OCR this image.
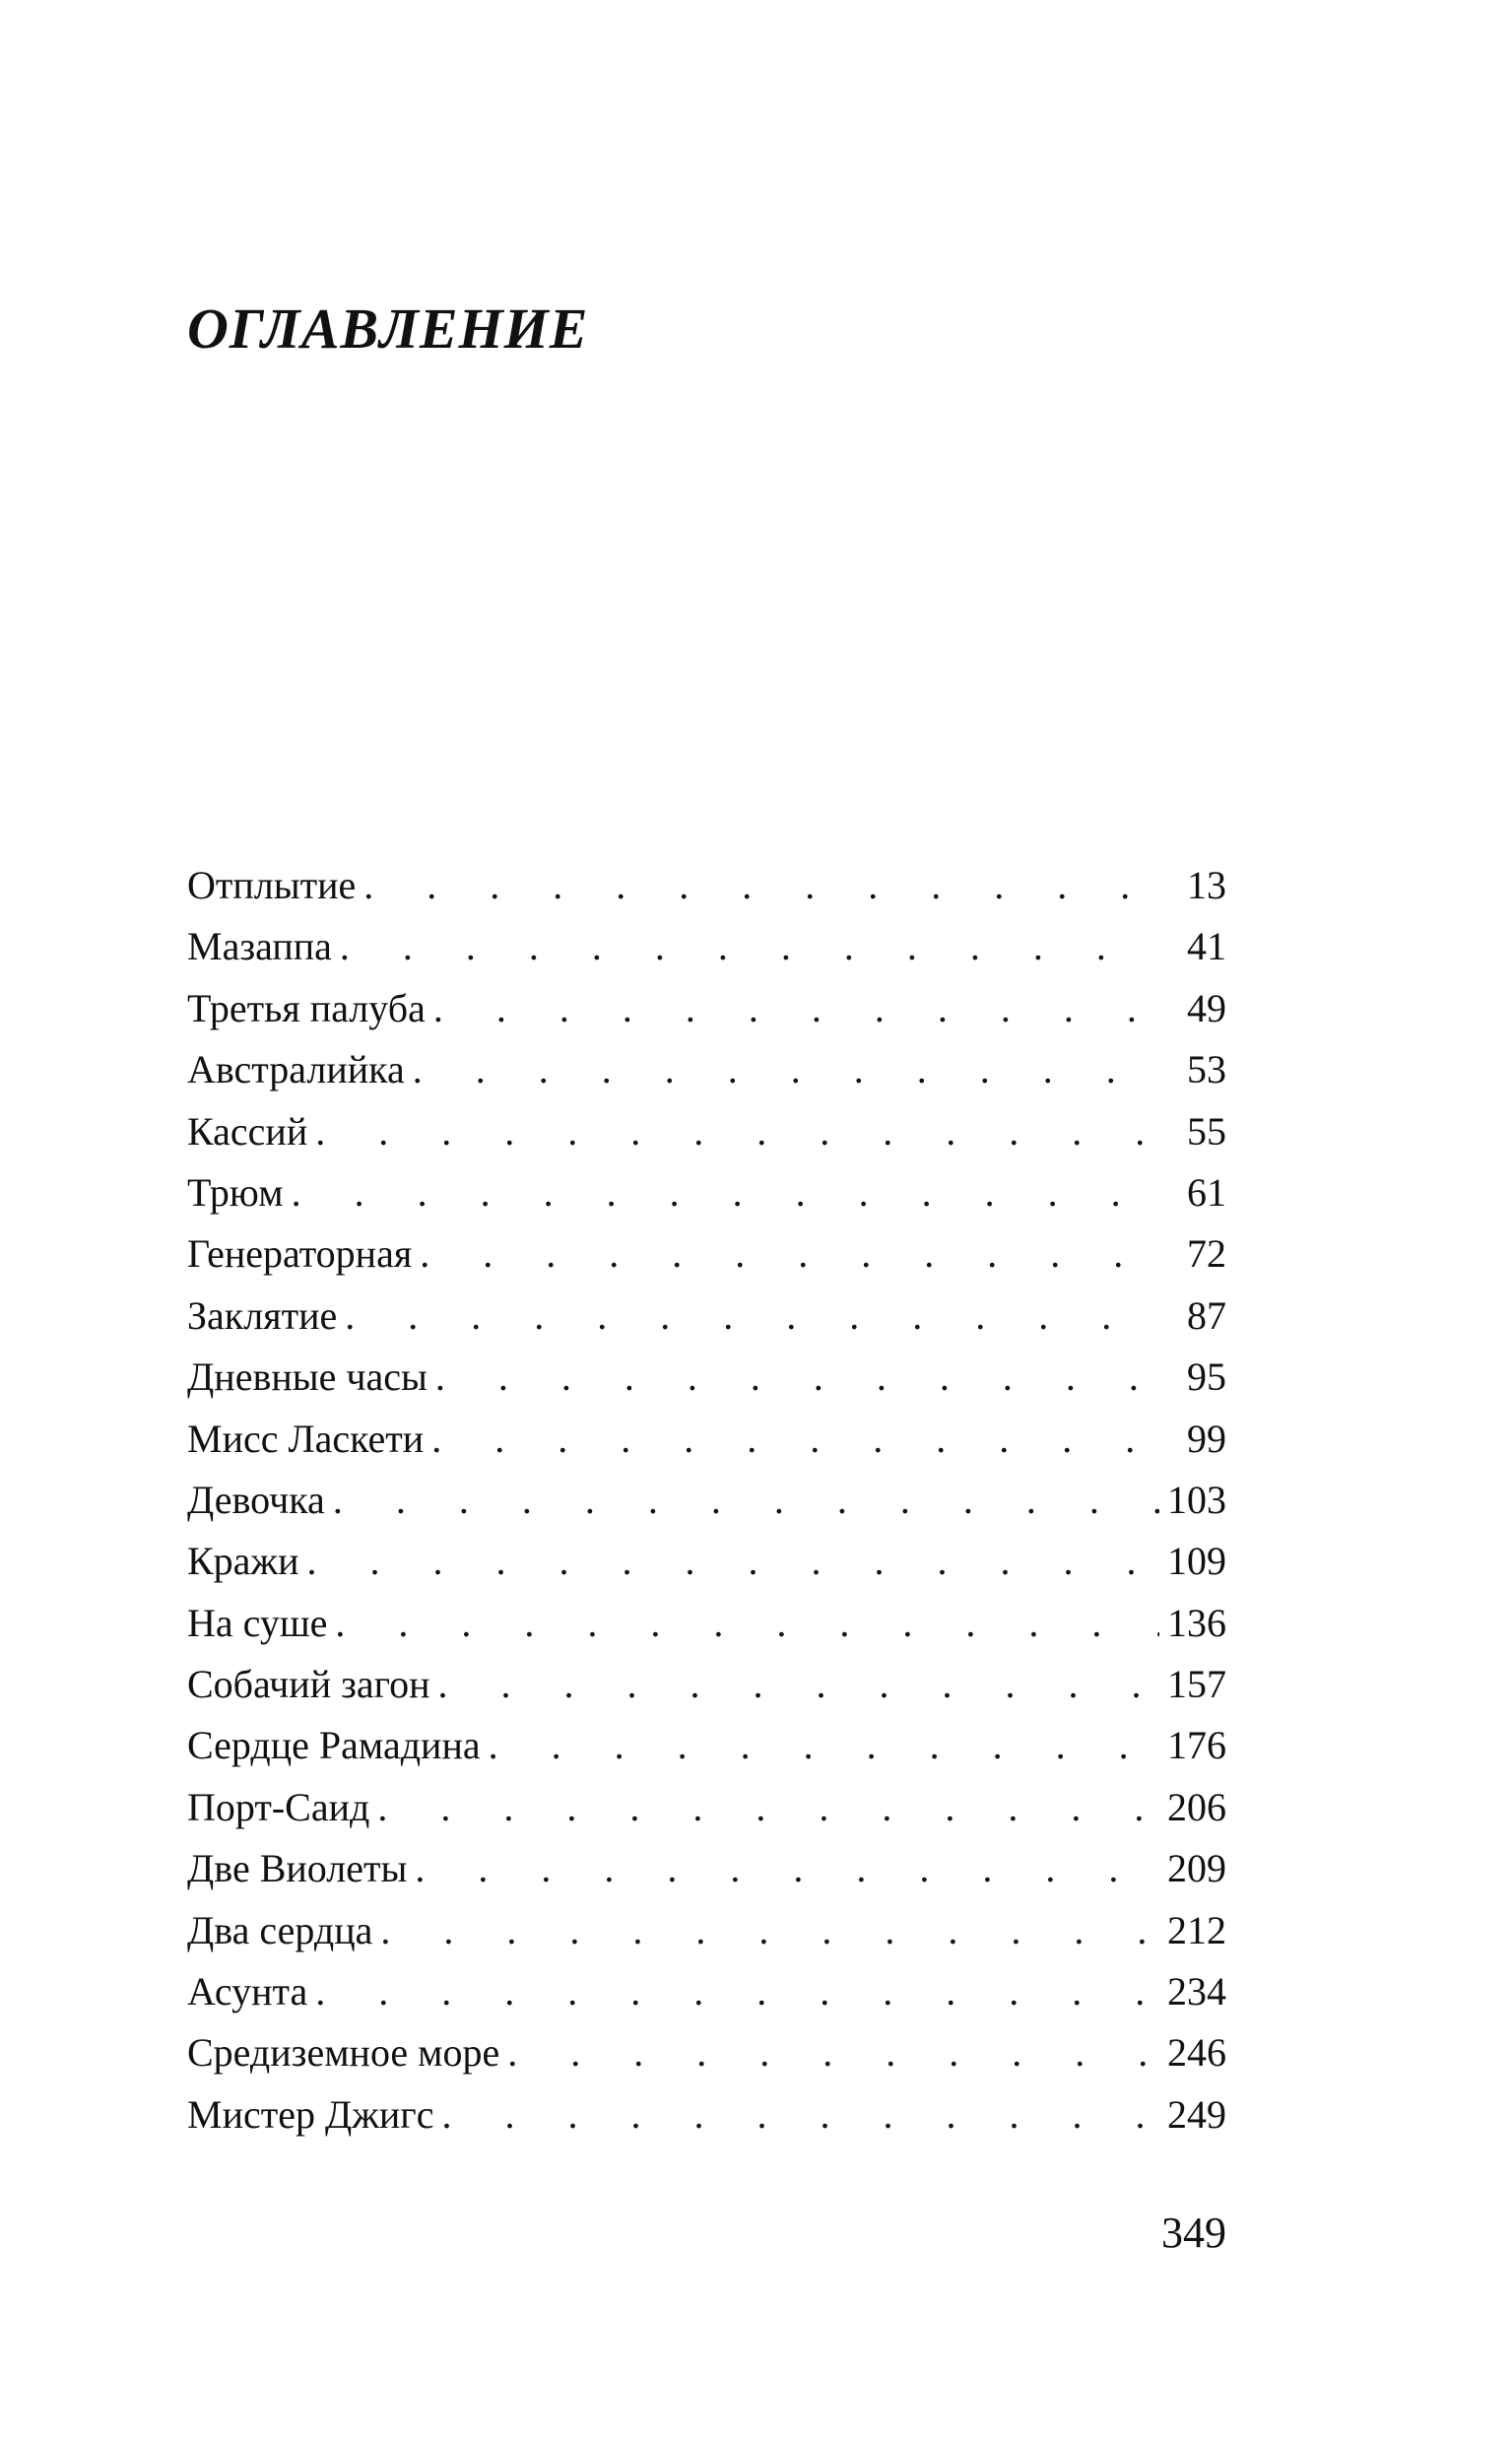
ОГЛАВЛЕНИЕ
Отплытие . . .	13
Мазаппа . . .	41
Третья палуба . . .	49
Австралийка . . .	53
Кассий . . .	55
Трюм . . .	61
Генераторная . . .	72
Заклятие . . .	87
Дневные часы . . .	95
Мисс Ласкети . . .	99
Девочка . . .	103
Кражи . . .	109
На суше . . .	136
Собачий загон . . .	157
Сердце Рамадина . . .	176
Порт-Саид . . .	206
Две Виолеты . . .	209
Два сердца . . .	212
Асунта . . .	234
Средиземное море . . .	246
Мистер Джигс . . .	249
349
